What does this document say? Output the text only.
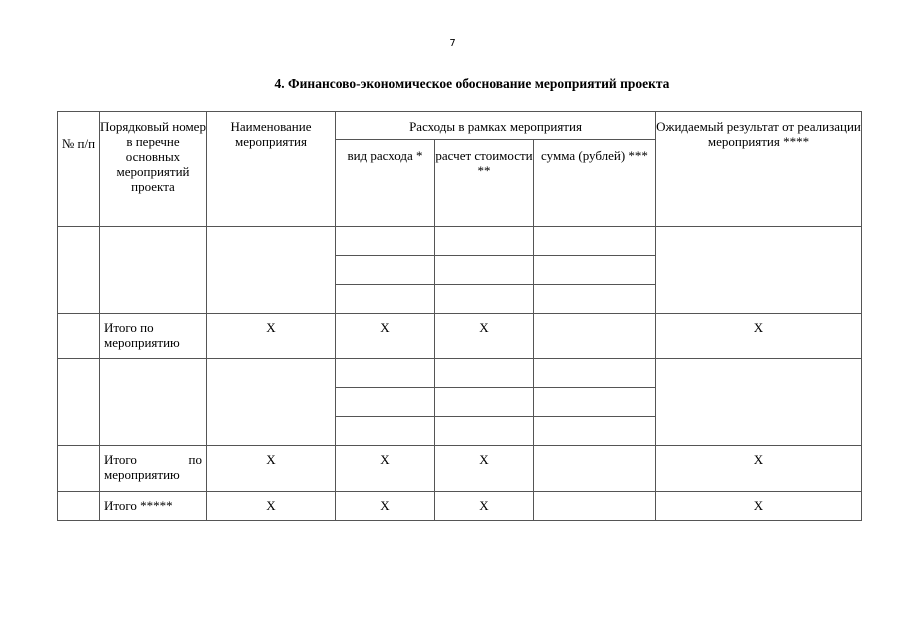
7
4. Финансово-экономическое обоснование мероприятий проекта
№ п/п	Порядковый номер в перечне основных мероприятий проекта	Наименование мероприятия	Расходы в рамках мероприятия			Ожидаемый результат от реализации мероприятия ****
			вид расхода *	расчет стоимости **	сумма (рублей) ***	

	Итого по мероприятию	X	X	X		X

	Итого по
мероприятию	X	X	X		X
	Итого *****	X	X	X		X
